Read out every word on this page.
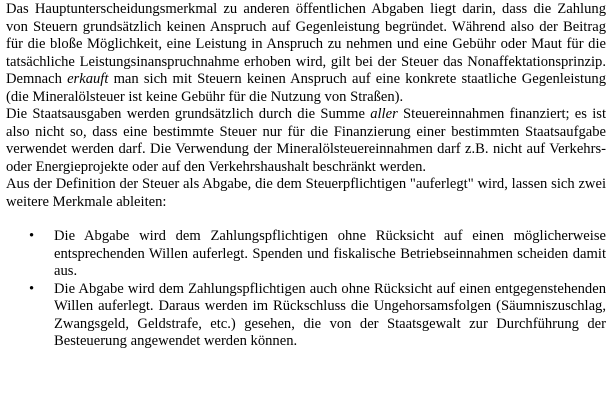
Das Hauptunterscheidungsmerkmal zu anderen öffentlichen Abgaben liegt darin, dass die Zahlung von Steuern grundsätzlich keinen Anspruch auf Gegenleistung begründet. Während also der Beitrag für die bloße Möglichkeit, eine Leistung in Anspruch zu nehmen und eine Gebühr oder Maut für die tatsächliche Leistungsinanspruchnahme erhoben wird, gilt bei der Steuer das Nonaffektationsprinzip. Demnach erkauft man sich mit Steuern keinen Anspruch auf eine konkrete staatliche Gegenleistung (die Mineralölsteuer ist keine Gebühr für die Nutzung von Straßen).

Die Staatsausgaben werden grundsätzlich durch die Summe aller Steuereinnahmen finanziert; es ist also nicht so, dass eine bestimmte Steuer nur für die Finanzierung einer bestimmten Staatsaufgabe verwendet werden darf. Die Verwendung der Mineralölsteuereinnahmen darf z.B. nicht auf Verkehrs- oder Energieprojekte oder auf den Verkehrshaushalt beschränkt werden.

Aus der Definition der Steuer als Abgabe, die dem Steuerpflichtigen "auferlegt" wird, lassen sich zwei weitere Merkmale ableiten:

• Die Abgabe wird dem Zahlungspflichtigen ohne Rücksicht auf einen möglicherweise entsprechenden Willen auferlegt. Spenden und fiskalische Betriebseinnahmen scheiden damit aus.
• Die Abgabe wird dem Zahlungspflichtigen auch ohne Rücksicht auf einen entgegenstehenden Willen auferlegt. Daraus werden im Rückschluss die Ungehorsamsfolgen (Säumniszuschlag, Zwangsgeld, Geldstrafe, etc.) gesehen, die von der Staatsgewalt zur Durchführung der Besteuerung angewendet werden können.
